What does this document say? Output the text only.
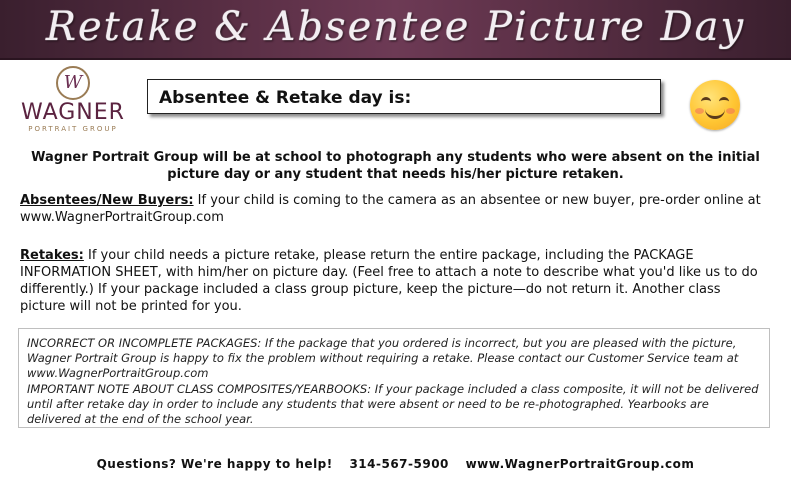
Retake & Absentee Picture Day
W
WAGNER
PORTRAIT GROUP
Absentee & Retake day is:
Wagner Portrait Group will be at school to photograph any students who were absent on the initial picture day or any student that needs his/her picture retaken.
Absentees/New Buyers: If your child is coming to the camera as an absentee or new buyer, pre-order online at www.WagnerPortraitGroup.com
Retakes: If your child needs a picture retake, please return the entire package, including the PACKAGE INFORMATION SHEET, with him/her on picture day. (Feel free to attach a note to describe what you'd like us to do differently.) If your package included a class group picture, keep the picture—do not return it. Another class picture will not be printed for you.
INCORRECT OR INCOMPLETE PACKAGES: If the package that you ordered is incorrect, but you are pleased with the picture, Wagner Portrait Group is happy to fix the problem without requiring a retake. Please contact our Customer Service team at www.WagnerPortraitGroup.com
IMPORTANT NOTE ABOUT CLASS COMPOSITES/YEARBOOKS: If your package included a class composite, it will not be delivered until after retake day in order to include any students that were absent or need to be re-photographed. Yearbooks are delivered at the end of the school year.
Questions? We're happy to help! 314-567-5900 www.WagnerPortraitGroup.com
